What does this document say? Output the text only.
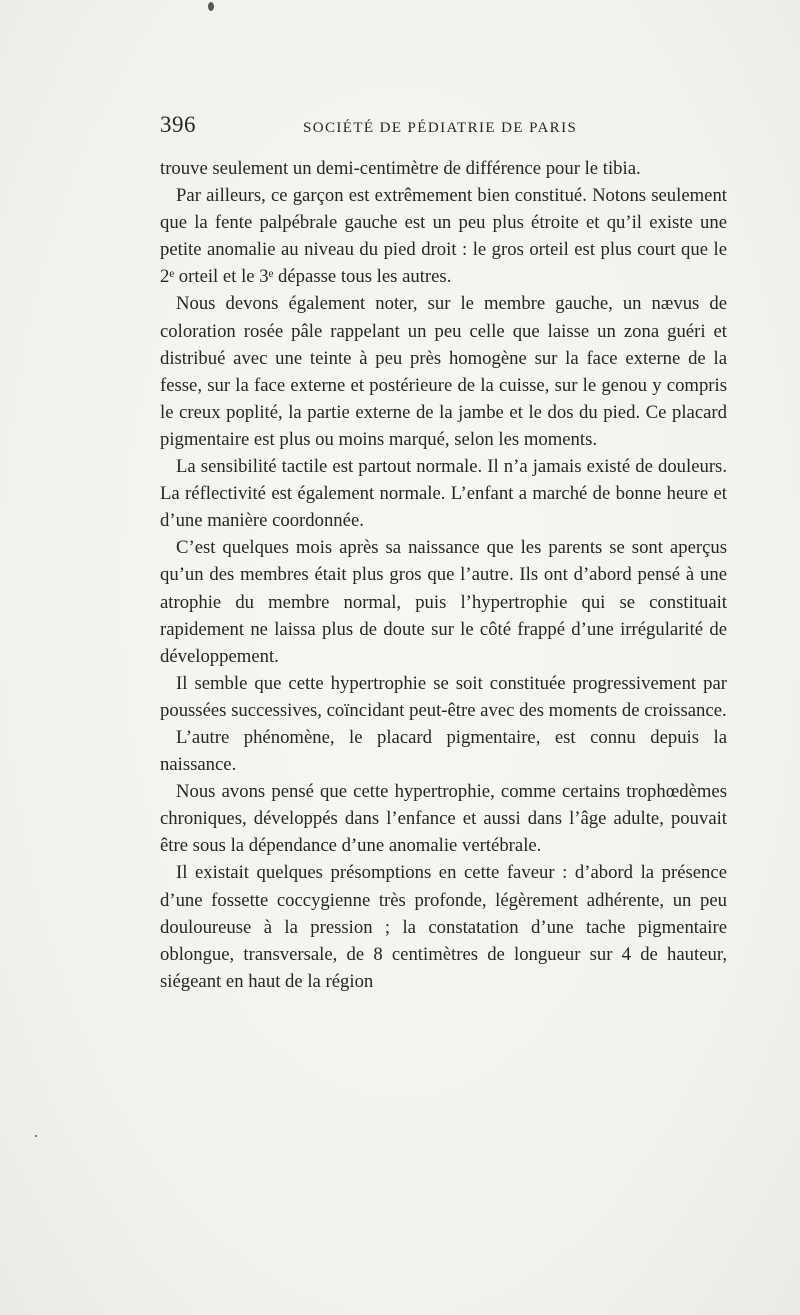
396	SOCIÉTÉ DE PÉDIATRIE DE PARIS

trouve seulement un demi-centimètre de différence pour le tibia.

Par ailleurs, ce garçon est extrêmement bien constitué. Notons seulement que la fente palpébrale gauche est un peu plus étroite et qu’il existe une petite anomalie au niveau du pied droit : le gros orteil est plus court que le 2ᵉ orteil et le 3ᵉ dépasse tous les autres.

Nous devons également noter, sur le membre gauche, un nævus de coloration rosée pâle rappelant un peu celle que laisse un zona guéri et distribué avec une teinte à peu près homogène sur la face externe de la fesse, sur la face externe et postérieure de la cuisse, sur le genou y compris le creux poplité, la partie externe de la jambe et le dos du pied. Ce placard pigmentaire est plus ou moins marqué, selon les moments.

La sensibilité tactile est partout normale. Il n’a jamais existé de douleurs. La réflectivité est également normale. L’enfant a marché de bonne heure et d’une manière coordonnée.

C’est quelques mois après sa naissance que les parents se sont aperçus qu’un des membres était plus gros que l’autre. Ils ont d’abord pensé à une atrophie du membre normal, puis l’hypertrophie qui se constituait rapidement ne laissa plus de doute sur le côté frappé d’une irrégularité de développement.

Il semble que cette hypertrophie se soit constituée progressivement par poussées successives, coïncidant peut-être avec des moments de croissance.

L’autre phénomène, le placard pigmentaire, est connu depuis la naissance.

Nous avons pensé que cette hypertrophie, comme certains trophœdèmes chroniques, développés dans l’enfance et aussi dans l’âge adulte, pouvait être sous la dépendance d’une anomalie vertébrale.

Il existait quelques présomptions en cette faveur : d’abord la présence d’une fossette coccygienne très profonde, légèrement adhérente, un peu douloureuse à la pression ; la constatation d’une tache pigmentaire oblongue, transversale, de 8 centimètres de longueur sur 4 de hauteur, siégeant en haut de la région
